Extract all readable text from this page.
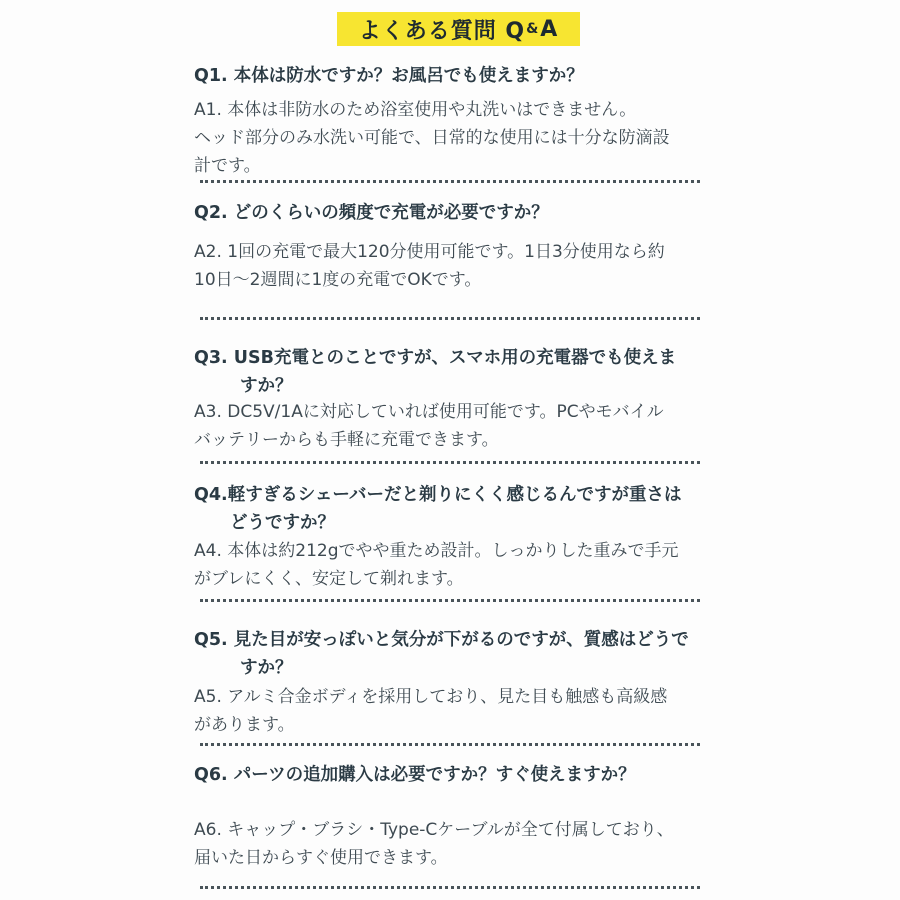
よくある質問 Q & A
Q1. 本体は防水ですか？お風呂でも使えますか？
A1. 本体は非防水のため浴室使用や丸洗いはできません。
ヘッド部分のみ水洗い可能で、日常的な使用には十分な防滴設
計です。
Q2. どのくらいの頻度で充電が必要ですか？
A2. 1回の充電で最大120分使用可能です。1日3分使用なら約
10日〜2週間に1度の充電でOKです。
Q3. USB充電とのことですが、スマホ用の充電器でも使えま
すか？
A3. DC5V/1Aに対応していれば使用可能です。PCやモバイル
バッテリーからも手軽に充電できます。
Q4.軽すぎるシェーバーだと剃りにくく感じるんですが重さは
どうですか？
A4. 本体は約212gでやや重ため設計。しっかりした重みで手元
がブレにくく、安定して剃れます。
Q5. 見た目が安っぽいと気分が下がるのですが、質感はどうで
すか？
A5. アルミ合金ボディを採用しており、見た目も触感も高級感
があります。
Q6. パーツの追加購入は必要ですか？すぐ使えますか？
A6. キャップ・ブラシ・Type-Cケーブルが全て付属しており、
届いた日からすぐ使用できます。
